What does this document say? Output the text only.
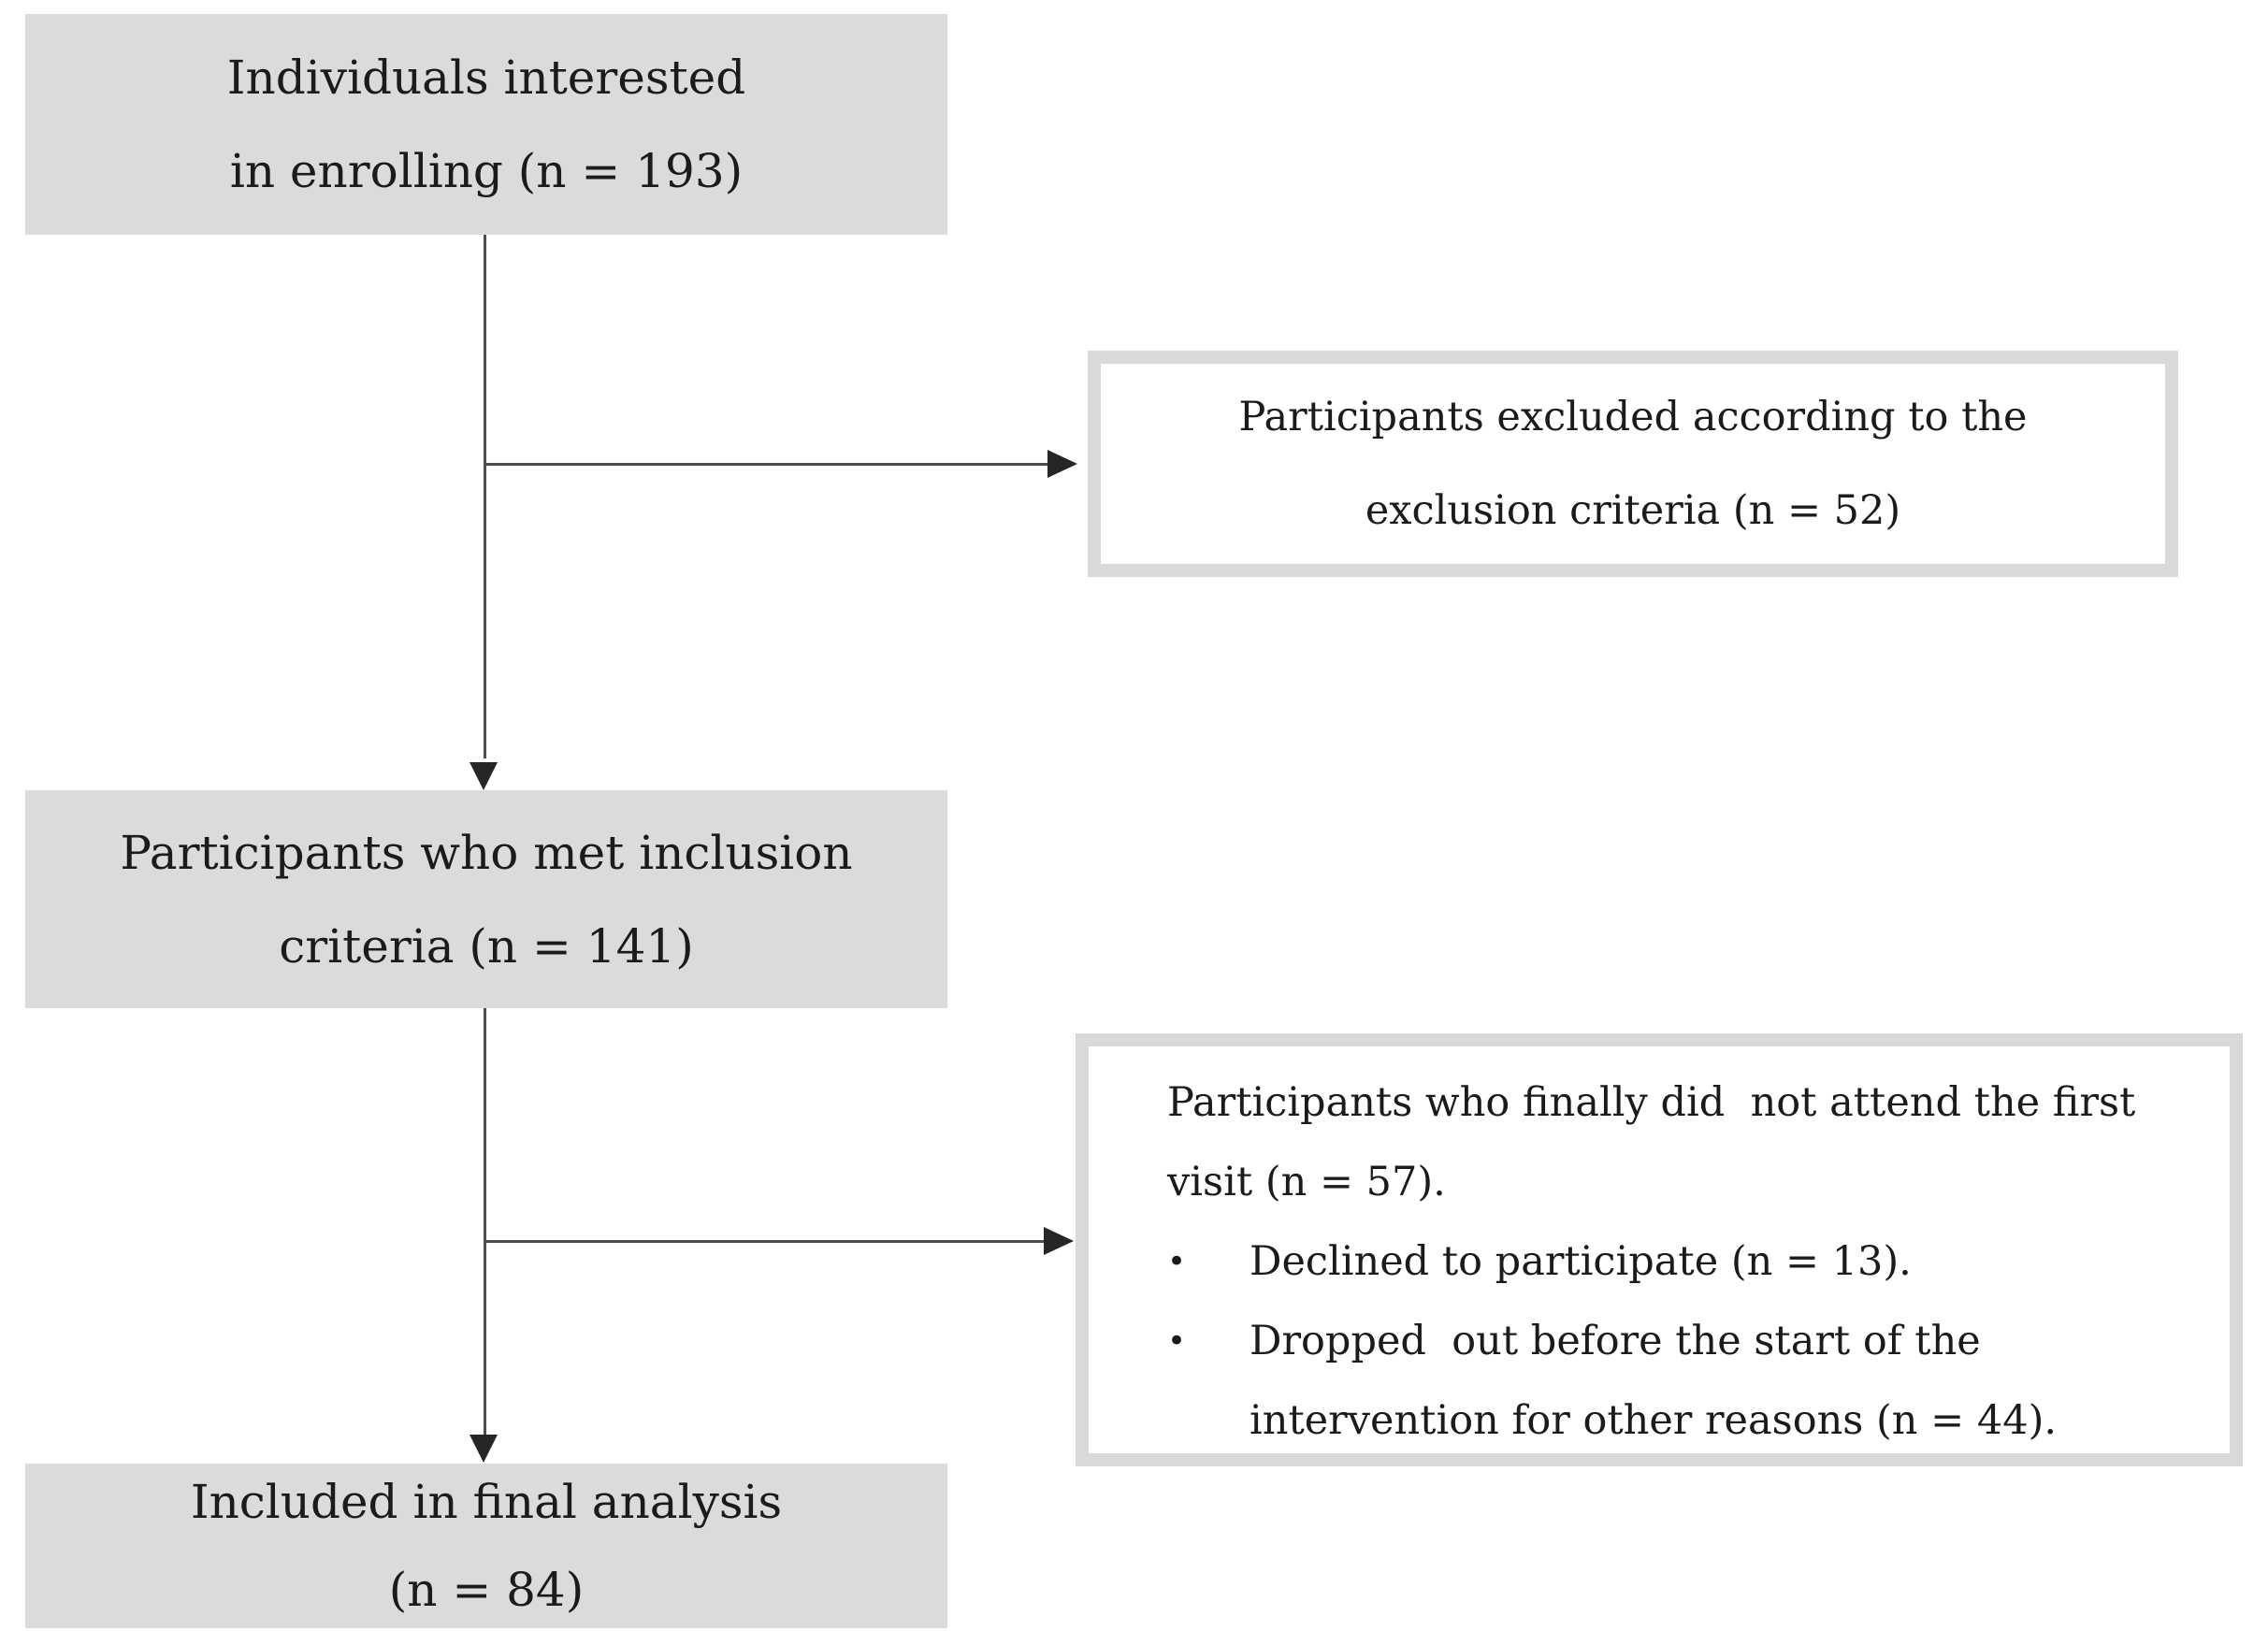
Individuals interested
in enrolling (n = 193)
Participants excluded according to the
exclusion criteria (n = 52)
Participants who met inclusion
criteria (n = 141)
Participants who finally did  not attend the first
visit (n = 57).
•	Declined to participate (n = 13).
•	Dropped  out before the start of the
intervention for other reasons (n = 44).
Included in final analysis
(n = 84)
